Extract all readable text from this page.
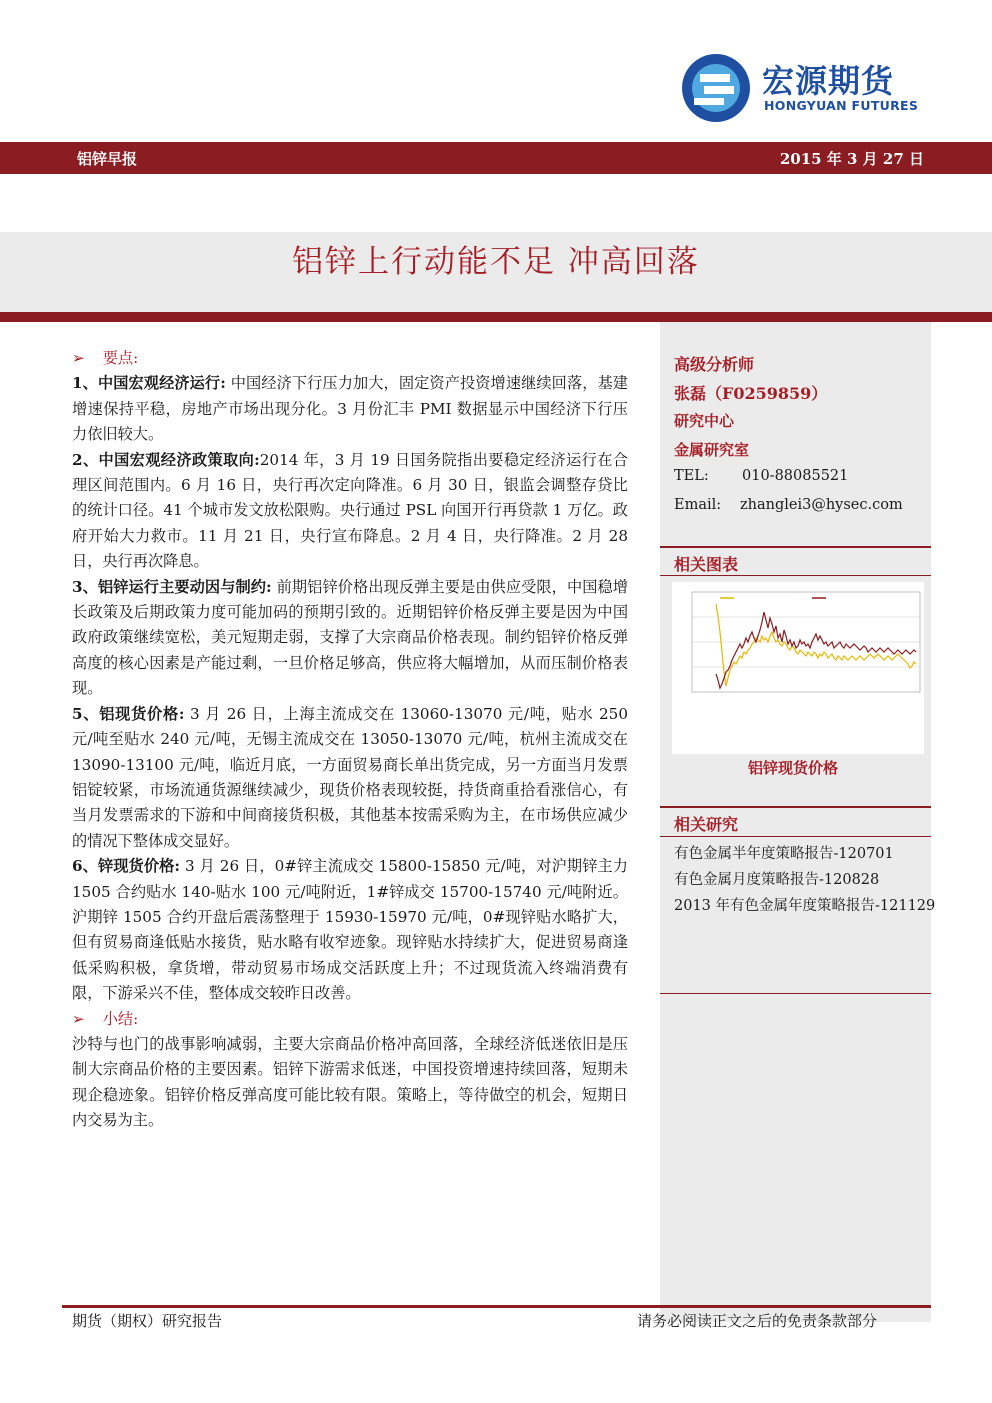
宏源期货
HONGYUAN FUTURES
铝锌早报	2015 年 3 月 27 日
铝锌上行动能不足 冲高回落
高级分析师
张磊（F0259859）
研究中心
金属研究室
TEL: 010-88085521
Email: zhanglei3@hysec.com
相关图表
铝锌现货价格
相关研究
有色金属半年度策略报告-120701
有色金属月度策略报告-120828
2013 年有色金属年度策略报告-121129

➢ 要点:

1、中国宏观经济运行: 中国经济下行压力加大，固定资产投资增速继续回落，基建增速保持平稳，房地产市场出现分化。3 月份汇丰 PMI 数据显示中国经济下行压力依旧较大。

2、中国宏观经济政策取向:2014 年，3 月 19 日国务院指出要稳定经济运行在合理区间范围内。6 月 16 日，央行再次定向降准。6 月 30 日，银监会调整存贷比的统计口径。41 个城市发文放松限购。央行通过 PSL 向国开行再贷款 1 万亿。政府开始大力救市。11 月 21 日，央行宣布降息。2 月 4 日，央行降准。2 月 28 日，央行再次降息。

3、铝锌运行主要动因与制约: 前期铝锌价格出现反弹主要是由供应受限，中国稳增长政策及后期政策力度可能加码的预期引致的。近期铝锌价格反弹主要是因为中国政府政策继续宽松，美元短期走弱，支撑了大宗商品价格表现。制约铝锌价格反弹高度的核心因素是产能过剩，一旦价格足够高，供应将大幅增加，从而压制价格表现。

5、铝现货价格: 3 月 26 日，上海主流成交在 13060-13070 元/吨，贴水 250 元/吨至贴水 240 元/吨，无锡主流成交在 13050-13070 元/吨，杭州主流成交在 13090-13100 元/吨，临近月底，一方面贸易商长单出货完成，另一方面当月发票铝锭较紧，市场流通货源继续减少，现货价格表现较挺，持货商重拾看涨信心，有当月发票需求的下游和中间商接货积极，其他基本按需采购为主，在市场供应减少的情况下整体成交显好。

6、锌现货价格: 3 月 26 日，0#锌主流成交 15800-15850 元/吨，对沪期锌主力 1505 合约贴水 140-贴水 100 元/吨附近，1#锌成交 15700-15740 元/吨附近。沪期锌 1505 合约开盘后震荡整理于 15930-15970 元/吨，0#现锌贴水略扩大，但有贸易商逢低贴水接货，贴水略有收窄迹象。现锌贴水持续扩大，促进贸易商逢低采购积极，拿货增，带动贸易市场成交活跃度上升；不过现货流入终端消费有限，下游采兴不佳，整体成交较昨日改善。

➢ 小结:

沙特与也门的战事影响减弱，主要大宗商品价格冲高回落，全球经济低迷依旧是压制大宗商品价格的主要因素。铝锌下游需求低迷，中国投资增速持续回落，短期未现企稳迹象。铝锌价格反弹高度可能比较有限。策略上，等待做空的机会，短期日内交易为主。

期货（期权）研究报告	请务必阅读正文之后的免责条款部分
